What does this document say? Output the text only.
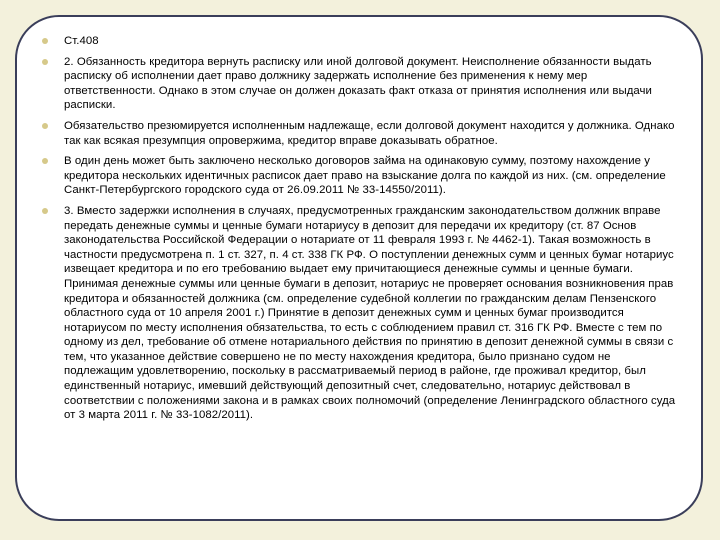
Ст.408
2. Обязанность кредитора вернуть расписку или иной долговой документ. Неисполнение обязанности выдать расписку об исполнении дает право должнику задержать исполнение без применения к нему мер ответственности. Однако в этом случае он должен доказать факт отказа от принятия исполнения или выдачи расписки.
Обязательство презюмируется исполненным надлежаще, если долговой документ находится у должника. Однако так как всякая презумпция опровержима, кредитор вправе доказывать обратное.
В один день может быть заключено несколько договоров займа на одинаковую сумму, поэтому нахождение у кредитора нескольких идентичных расписок дает право на взыскание долга по каждой из них. (см. определение Санкт-Петербургского городского суда от 26.09.2011 № 33-14550/2011).
3. Вместо задержки исполнения в случаях, предусмотренных гражданским законодательством должник вправе передать денежные суммы и ценные бумаги нотариусу в депозит для передачи их кредитору (ст. 87 Основ законодательства Российской Федерации о нотариате от 11 февраля 1993 г. № 4462-1). Такая возможность в частности предусмотрена п. 1 ст. 327, п. 4 ст. 338 ГК РФ. О поступлении денежных сумм и ценных бумаг нотариус извещает кредитора и по его требованию выдает ему причитающиеся денежные суммы и ценные бумаги. Принимая денежные суммы или ценные бумаги в депозит, нотариус не проверяет основания возникновения прав кредитора и обязанностей должника (см. определение судебной коллегии по гражданским делам Пензенского областного суда от 10 апреля 2001 г.) Принятие в депозит денежных сумм и ценных бумаг производится нотариусом по месту исполнения обязательства, то есть с соблюдением правил ст. 316 ГК РФ. Вместе с тем по одному из дел, требование об отмене нотариального действия по принятию в депозит денежной суммы в связи с тем, что указанное действие совершено не по месту нахождения кредитора, было признано судом не подлежащим удовлетворению, поскольку в рассматриваемый период в районе, где проживал кредитор, был единственный нотариус, имевший действующий депозитный счет, следовательно, нотариус действовал в соответствии с положениями закона и в рамках своих полномочий (определение Ленинградского областного суда от 3 марта 2011 г. № 33-1082/2011).
